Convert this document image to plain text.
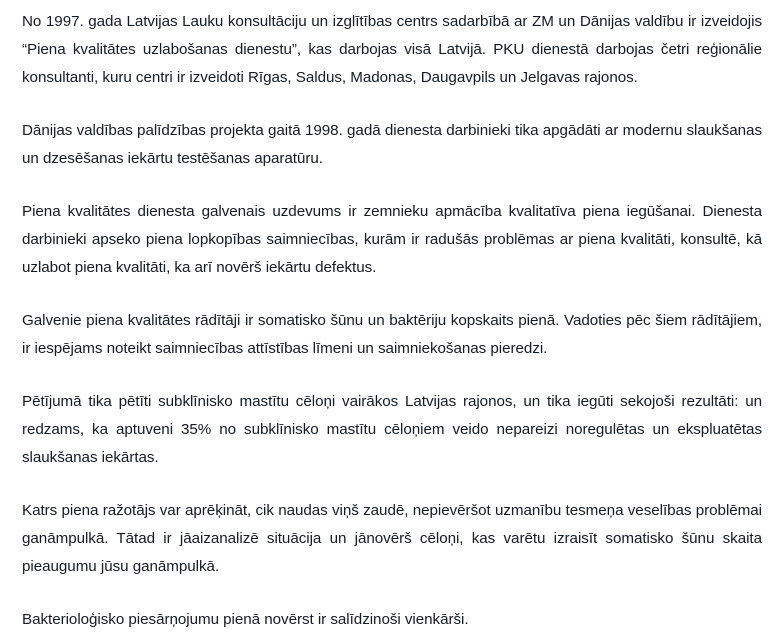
No 1997. gada Latvijas Lauku konsultāciju un izglītības centrs sadarbībā ar ZM un Dānijas valdību ir izveidojis “Piena kvalitātes uzlabošanas dienestu”, kas darbojas visā Latvijā. PKU dienestā darbojas četri reģionālie konsultanti, kuru centri ir izveidoti Rīgas, Saldus, Madonas, Daugavpils un Jelgavas rajonos.

Dānijas valdības palīdzības projekta gaitā 1998. gadā dienesta darbinieki tika apgādāti ar modernu slaukšanas un dzesēšanas iekārtu testēšanas aparatūru.

Piena kvalitātes dienesta galvenais uzdevums ir zemnieku apmācība kvalitatīva piena iegūšanai. Dienesta darbinieki apseko piena lopkopības saimniecības, kurām ir radušās problēmas ar piena kvalitāti, konsultē, kā uzlabot piena kvalitāti, ka arī novērš iekārtu defektus.

Galvenie piena kvalitātes rādītāji ir somatisko šūnu un baktēriju kopskaits pienā. Vadoties pēc šiem rādītājiem, ir iespējams noteikt saimniecības attīstības līmeni un saimniekošanas pieredzi.

Pētījumā tika pētīti subklīnisko mastītu cēloņi vairākos Latvijas rajonos, un tika iegūti sekojoši rezultāti: un redzams, ka aptuveni 35% no subklīnisko mastītu cēloņiem veido nepareizi noregulētas un ekspluatētas slaukšanas iekārtas.

Katrs piena ražotājs var aprēķināt, cik naudas viņš zaudē, nepievēršot uzmanību tesmeņa veselības problēmai ganāmpulkā. Tātad ir jāaizanalizē situācija un jānovērš cēloņi, kas varētu izraisīt somatisko šūnu skaita pieaugumu jūsu ganāmpulkā.

Bakterioloģisko piesārņojumu pienā novērst ir salīdzinoši vienkārši.
